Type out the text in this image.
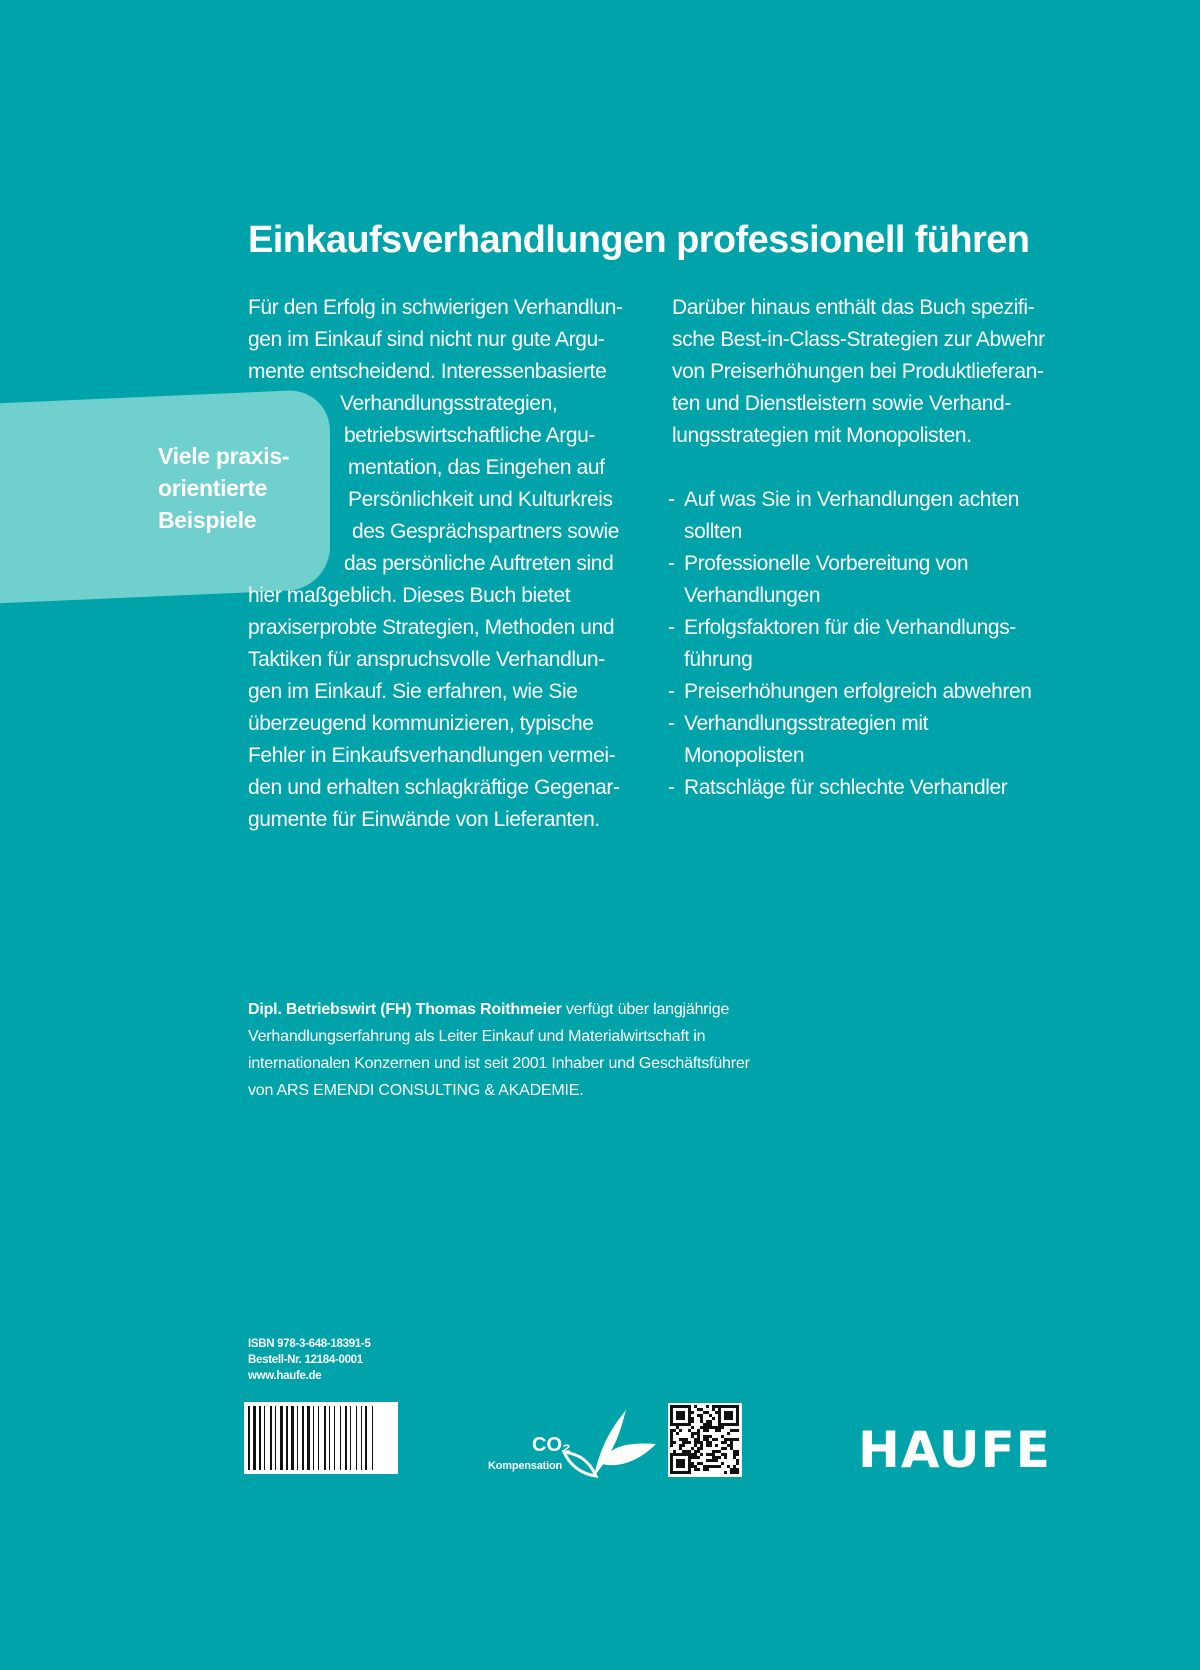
Viele praxis-
orientierte
Beispiele
Einkaufsverhandlungen professionell führen
Für den Erfolg in schwierigen Verhandlun-
gen im Einkauf sind nicht nur gute Argu-
mente entscheidend. Interessenbasierte
Verhandlungsstrategien,
betriebswirtschaftliche Argu-
mentation, das Eingehen auf
Persönlichkeit und Kulturkreis
des Gesprächspartners sowie
das persönliche Auftreten sind
hier maßgeblich. Dieses Buch bietet
praxiserprobte Strategien, Methoden und
Taktiken für anspruchsvolle Verhandlun-
gen im Einkauf. Sie erfahren, wie Sie
überzeugend kommunizieren, typische
Fehler in Einkaufsverhandlungen vermei-
den und erhalten schlagkräftige Gegenar-
gumente für Einwände von Lieferanten.
Darüber hinaus enthält das Buch spezifi-
sche Best-in-Class-Strategien zur Abwehr
von Preiserhöhungen bei Produktlieferan-
ten und Dienstleistern sowie Verhand-
lungsstrategien mit Monopolisten.
- Auf was Sie in Verhandlungen achten
sollten
- Professionelle Vorbereitung von
Verhandlungen
- Erfolgsfaktoren für die Verhandlungs-
führung
- Preiserhöhungen erfolgreich abwehren
- Verhandlungsstrategien mit
Monopolisten
- Ratschläge für schlechte Verhandler
Dipl. Betriebswirt (FH) Thomas Roithmeier verfügt über langjährige
Verhandlungserfahrung als Leiter Einkauf und Materialwirtschaft in
internationalen Konzernen und ist seit 2001 Inhaber und Geschäftsführer
von ARS EMENDI CONSULTING & AKADEMIE.
ISBN 978-3-648-18391-5
Bestell-Nr. 12184-0001
www.haufe.de
CO₂
Kompensation	HAUFE
